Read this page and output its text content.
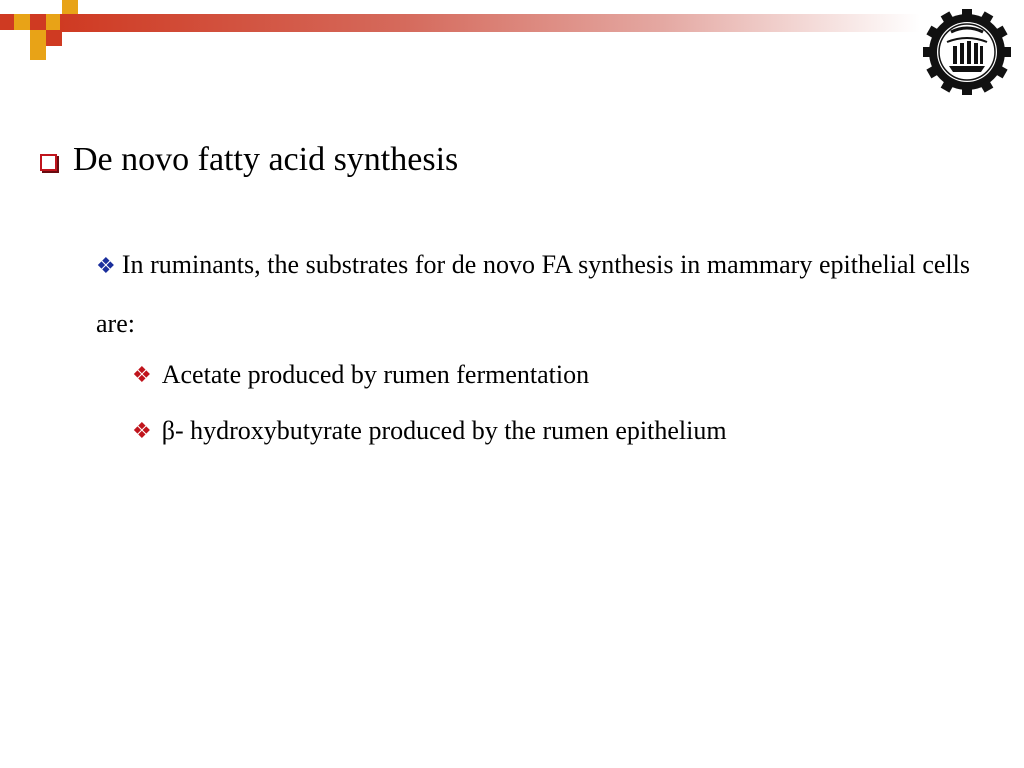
De novo fatty acid synthesis
❖ In ruminants, the substrates for de novo FA synthesis in mammary epithelial cells are:
❖ Acetate produced by rumen fermentation
❖ β- hydroxybutyrate produced by the rumen epithelium
